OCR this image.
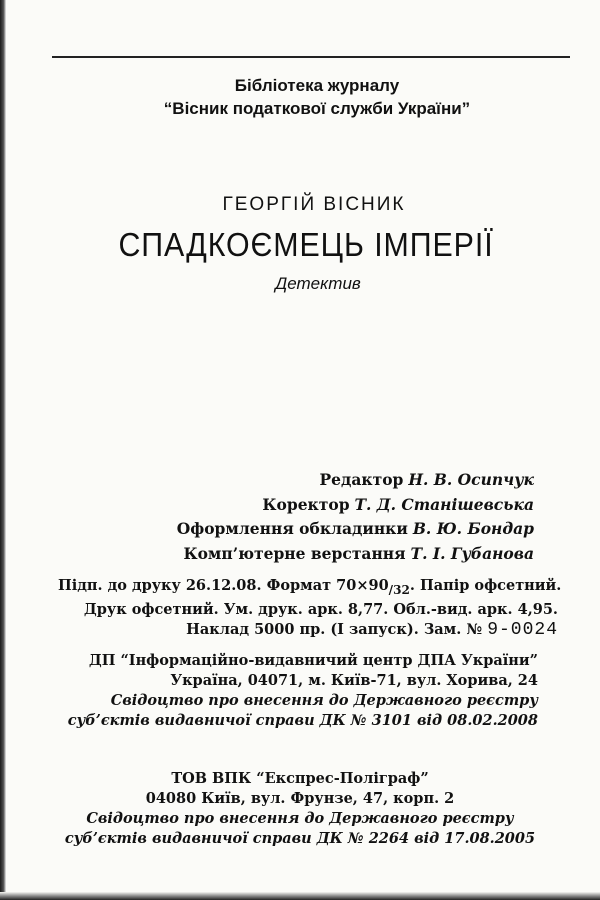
Бібліотека журналу
“Вісник податкової служби України”
ГЕОРГІЙ ВІСНИК
СПАДКОЄМЕЦЬ ІМПЕРІЇ
Детектив
Редактор Н. В. Осипчук
Коректор Т. Д. Станішевська
Оформлення обкладинки В. Ю. Бондар
Комп’ютерне верстання Т. І. Губанова
Підп. до друку 26.12.08. Формат $70\times 90_{/32}$. Папір офсетний.
Друк офсетний. Ум. друк. арк. 8,77. Обл.-вид. арк. 4,95.
Наклад 5000 пр. (І запуск). Зам. № 9-0024
ДП “Інформаційно-видавничий центр ДПА України”
Україна, 04071, м. Київ-71, вул. Хорива, 24
Свідоцтво про внесення до Державного реєстру
суб’єктів видавничої справи ДК № 3101 від 08.02.2008
ТОВ ВПК “Експрес-Поліграф”
04080 Київ, вул. Фрунзе, 47, корп. 2
Свідоцтво про внесення до Державного реєстру
суб’єктів видавничої справи ДК № 2264 від 17.08.2005
